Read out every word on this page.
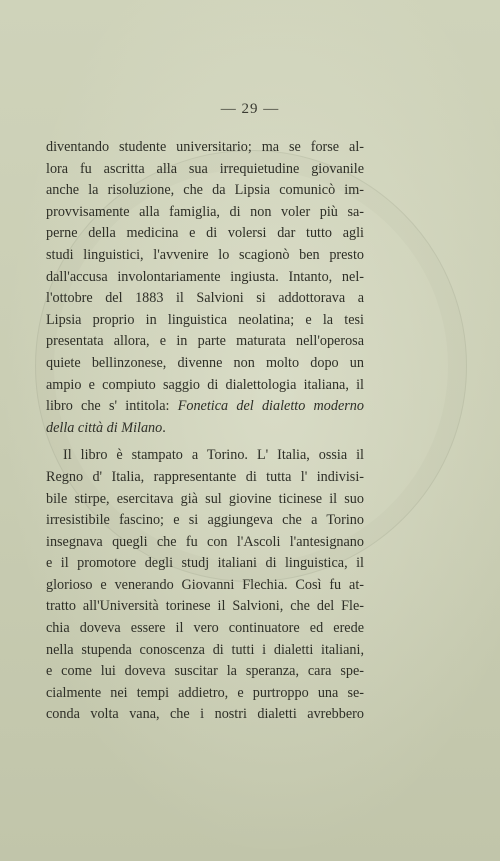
— 29 —
diventando studente universitario; ma se forse al-
lora fu ascritta alla sua irrequietudine giovanile
anche la risoluzione, che da Lipsia comunicò im-
provvisamente alla famiglia, di non voler più sa-
perne della medicina e di volersi dar tutto agli
studi linguistici, l'avvenire lo scagionò ben presto
dall'accusa involontariamente ingiusta. Intanto, nel-
l'ottobre del 1883 il Salvioni si addottorava a
Lipsia proprio in linguistica neolatina; e la tesi
presentata allora, e in parte maturata nell'operosa
quiete bellinzonese, divenne non molto dopo un
ampio e compiuto saggio di dialettologia italiana, il
libro che s' intitola: Fonetica del dialetto moderno
della città di Milano.
Il libro è stampato a Torino. L' Italia, ossia il
Regno d' Italia, rappresentante di tutta l' indivisi-
bile stirpe, esercitava già sul giovine ticinese il suo
irresistibile fascino; e si aggiungeva che a Torino
insegnava quegli che fu con l'Ascoli l'antesignano
e il promotore degli studj italiani di linguistica, il
glorioso e venerando Giovanni Flechia. Così fu at-
tratto all'Università torinese il Salvioni, che del Fle-
chia doveva essere il vero continuatore ed erede
nella stupenda conoscenza di tutti i dialetti italiani,
e come lui doveva suscitar la speranza, cara spe-
cialmente nei tempi addietro, e purtroppo una se-
conda volta vana, che i nostri dialetti avrebbero
